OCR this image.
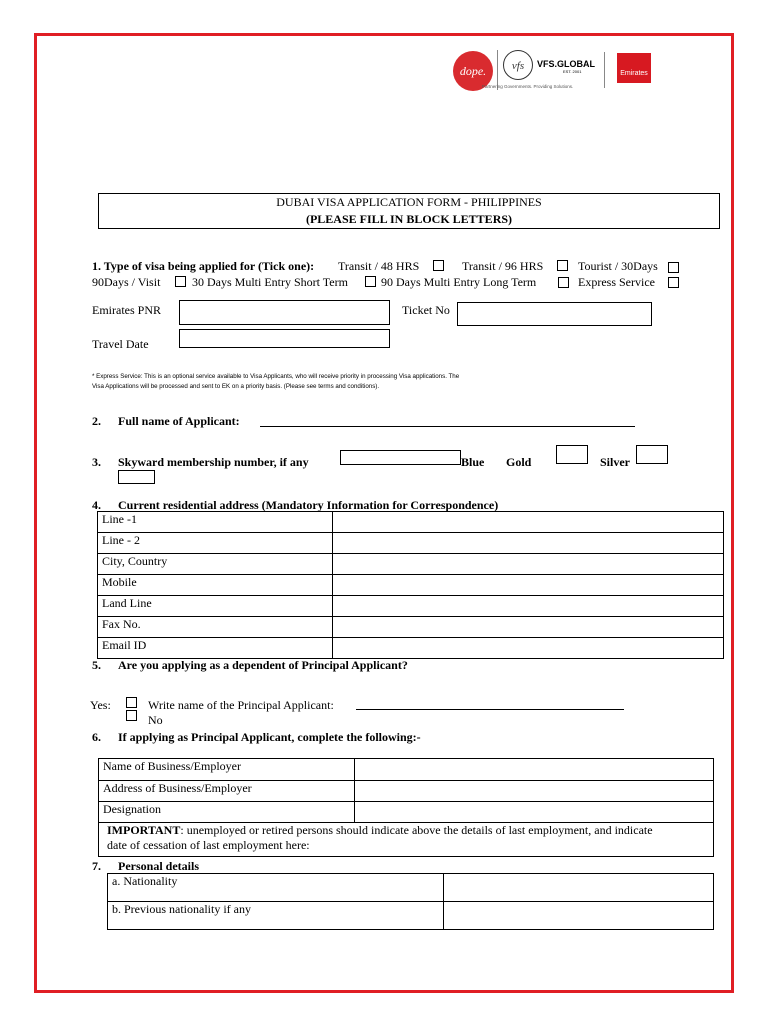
dope.	vfs	VFS.GLOBAL
EST. 2001
Partnering Governments. Providing Solutions.
Emirates
DUBAI VISA APPLICATION FORM - PHILIPPINES
(PLEASE FILL IN BLOCK LETTERS)
1. Type of visa being applied for (Tick one): Transit / 48 HRS	Transit / 96 HRS	Tourist / 30Days
90Days / Visit	30 Days Multi Entry Short Term	90 Days Multi Entry Long Term	Express Service
Emirates PNR	Ticket No
Travel Date
* Express Service: This is an optional service available to Visa Applicants, who will receive priority in processing Visa applications. The
Visa Applications will be processed and sent to EK on a priority basis. (Please see terms and conditions).
2. Full name of Applicant:
3. Skyward membership number, if any	Blue Gold	Silver
4. Current residential address (Mandatory Information for Correspondence)
Line -1	
Line - 2	
City, Country	
Mobile	
Land Line	
Fax No.	
Email ID	
5. Are you applying as a dependent of Principal Applicant?
Yes:	Write name of the Principal Applicant:
No
6. If applying as Principal Applicant, complete the following:-
Name of Business/Employer	
Address of Business/Employer	
Designation	
IMPORTANT: unemployed or retired persons should indicate above the details of last employment, and indicate
date of cessation of last employment here:	
7. Personal details
a. Nationality	
b. Previous nationality if any	
